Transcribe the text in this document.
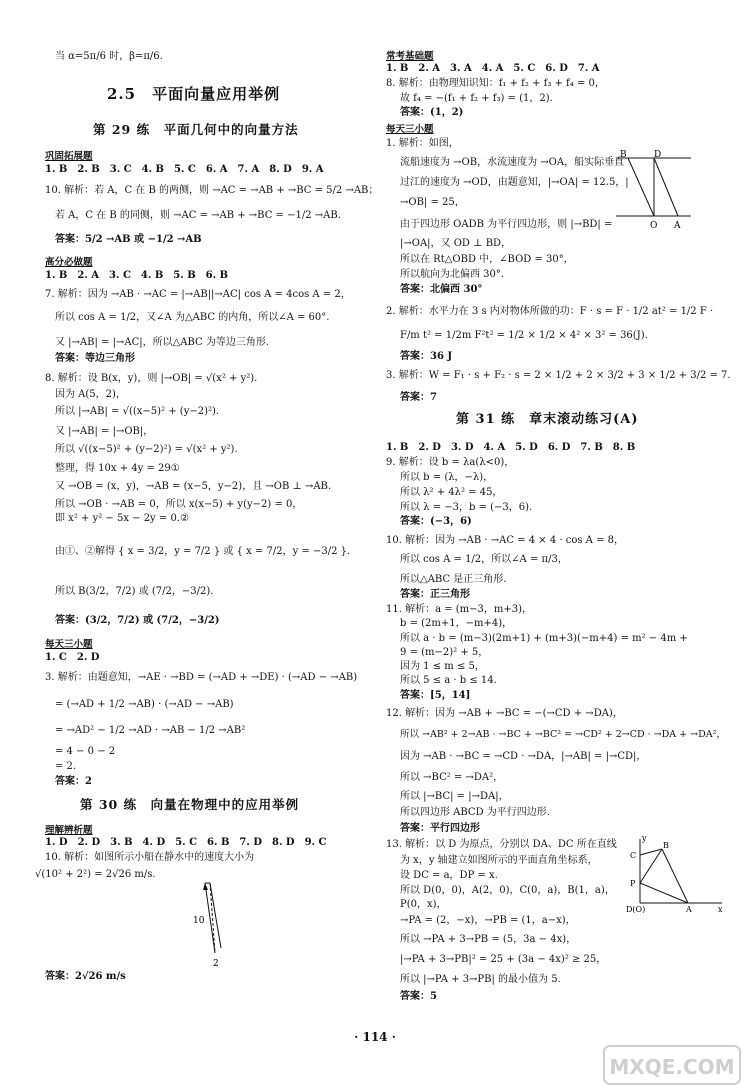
当 α=5π/6 时，β=π/6.
2.5　平面向量应用举例
第 29 练　平面几何中的向量方法
巩固拓展题
1. B　2. B　3. C　4. B　5. C　6. A　7. A　8. D　9. A
10. 解析：若 A，C 在 B 的两侧，则 →AC = →AB + →BC = 5/2 →AB；
若 A，C 在 B 的同侧，则 →AC = →AB + →BC = −1/2 →AB.
答案：5/2 →AB 或 −1/2 →AB
高分必做题
1. B　2. A　3. C　4. B　5. B　6. B
7. 解析：因为 →AB · →AC = |→AB||→AC| cos A = 4cos A = 2，
所以 cos A = 1/2，又∠A 为△ABC 的内角，所以∠A = 60°.
又 |→AB| = |→AC|，所以△ABC 为等边三角形.
答案：等边三角形
8. 解析：设 B(x，y)，则 |→OB| = √(x² + y²).
因为 A(5，2)，
所以 |→AB| = √((x−5)² + (y−2)²).
又 |→AB| = |→OB|，
所以 √((x−5)² + (y−2)²) = √(x² + y²).
整理，得 10x + 4y = 29①
又 →OB = (x，y)，→AB = (x−5，y−2)，且 →OB ⊥ →AB.
所以 →OB · →AB = 0，所以 x(x−5) + y(y−2) = 0，
即 x² + y² − 5x − 2y = 0.②
由①、②解得 { x = 3/2，y = 7/2 } 或 { x = 7/2，y = −3/2 }.
所以 B(3/2，7/2) 或 (7/2，−3/2).
答案：(3/2，7/2) 或 (7/2，−3/2)
每天三小题
1. C　2. D
3. 解析：由题意知，→AE · →BD = (→AD + →DE) · (→AD − →AB)
= (→AD + 1/2 →AB) · (→AD − →AB)
= →AD² − 1/2 →AD · →AB − 1/2 →AB²
= 4 − 0 − 2
= 2.
答案：2
第 30 练　向量在物理中的应用举例
理解辨析题
1. D　2. D　3. B　4. D　5. C　6. B　7. D　8. D　9. C
10. 解析：如图所示小船在静水中的速度大小为
√(10² + 2²) = 2√26 m/s.
10
2
答案：2√26 m/s
常考基础题
1. B　2. A　3. A　4. A　5. C　6. D　7. A
8. 解析：由物理知识知：f₁ + f₂ + f₃ + f₄ = 0，
故 f₄ = −(f₁ + f₂ + f₃) = (1，2).
答案：(1，2)
每天三小题
1. 解析：如图，
流船速度为 →OB，水流速度为 →OA，船实际垂直
过江的速度为 →OD，由题意知，|→OA| = 12.5，|
→OB| = 25，
由于四边形 OADB 为平行四边形，则 |→BD| =
|→OA|，又 OD ⊥ BD，
所以在 Rt△OBD 中，∠BOD = 30°，
所以航向为北偏西 30°.
答案：北偏西 30°
B	D
O A
2. 解析：水平力在 3 s 内对物体所做的功：F · s = F · 1/2 at² = 1/2 F ·
F/m t² = 1/2m F²t² = 1/2 × 1/2 × 4² × 3² = 36(J).
答案：36 J
3. 解析：W = F₁ · s + F₂ · s = 2 × 1/2 + 2 × 3/2 + 3 × 1/2 + 3/2 = 7.
答案：7
第 31 练　章末滚动练习(A)
1. B　2. D　3. D　4. A　5. D　6. D　7. B　8. B
9. 解析：设 b = λa(λ<0)，
所以 b = (λ，−λ)，
所以 λ² + 4λ² = 45，
所以 λ = −3，b = (−3，6).
答案：(−3，6)
10. 解析：因为 →AB · →AC = 4 × 4 · cos A = 8，
所以 cos A = 1/2，所以∠A = π/3，
所以△ABC 是正三角形.
答案：正三角形
11. 解析：a = (m−3，m+3)，
b = (2m+1，−m+4)，
所以 a · b = (m−3)(2m+1) + (m+3)(−m+4) = m² − 4m +
9 = (m−2)² + 5，
因为 1 ≤ m ≤ 5，
所以 5 ≤ a · b ≤ 14.
答案：[5，14]
12. 解析：因为 →AB + →BC = −(→CD + →DA)，
所以 →AB² + 2→AB · →BC + →BC² = →CD² + 2→CD · →DA + →DA²，
因为 →AB · →BC = →CD · →DA，|→AB| = |→CD|，
所以 →BC² = →DA²，
所以 |→BC| = |→DA|，
所以四边形 ABCD 为平行四边形.
答案：平行四边形
13. 解析：以 D 为原点，分别以 DA、DC 所在直线
为 x，y 轴建立如图所示的平面直角坐标系，
设 DC = a，DP = x.
所以 D(0，0)，A(2，0)，C(0，a)，B(1，a)，
P(0，x)，
→PA = (2，−x)，→PB = (1，a−x)，
所以 →PA + 3→PB = (5，3a − 4x)，
|→PA + 3→PB|² = 25 + (3a − 4x)² ≥ 25，
所以 |→PA + 3→PB| 的最小值为 5.
答案：5
y
C
B
P
D(O)	A	x
· 114 ·
MXQE.COM
